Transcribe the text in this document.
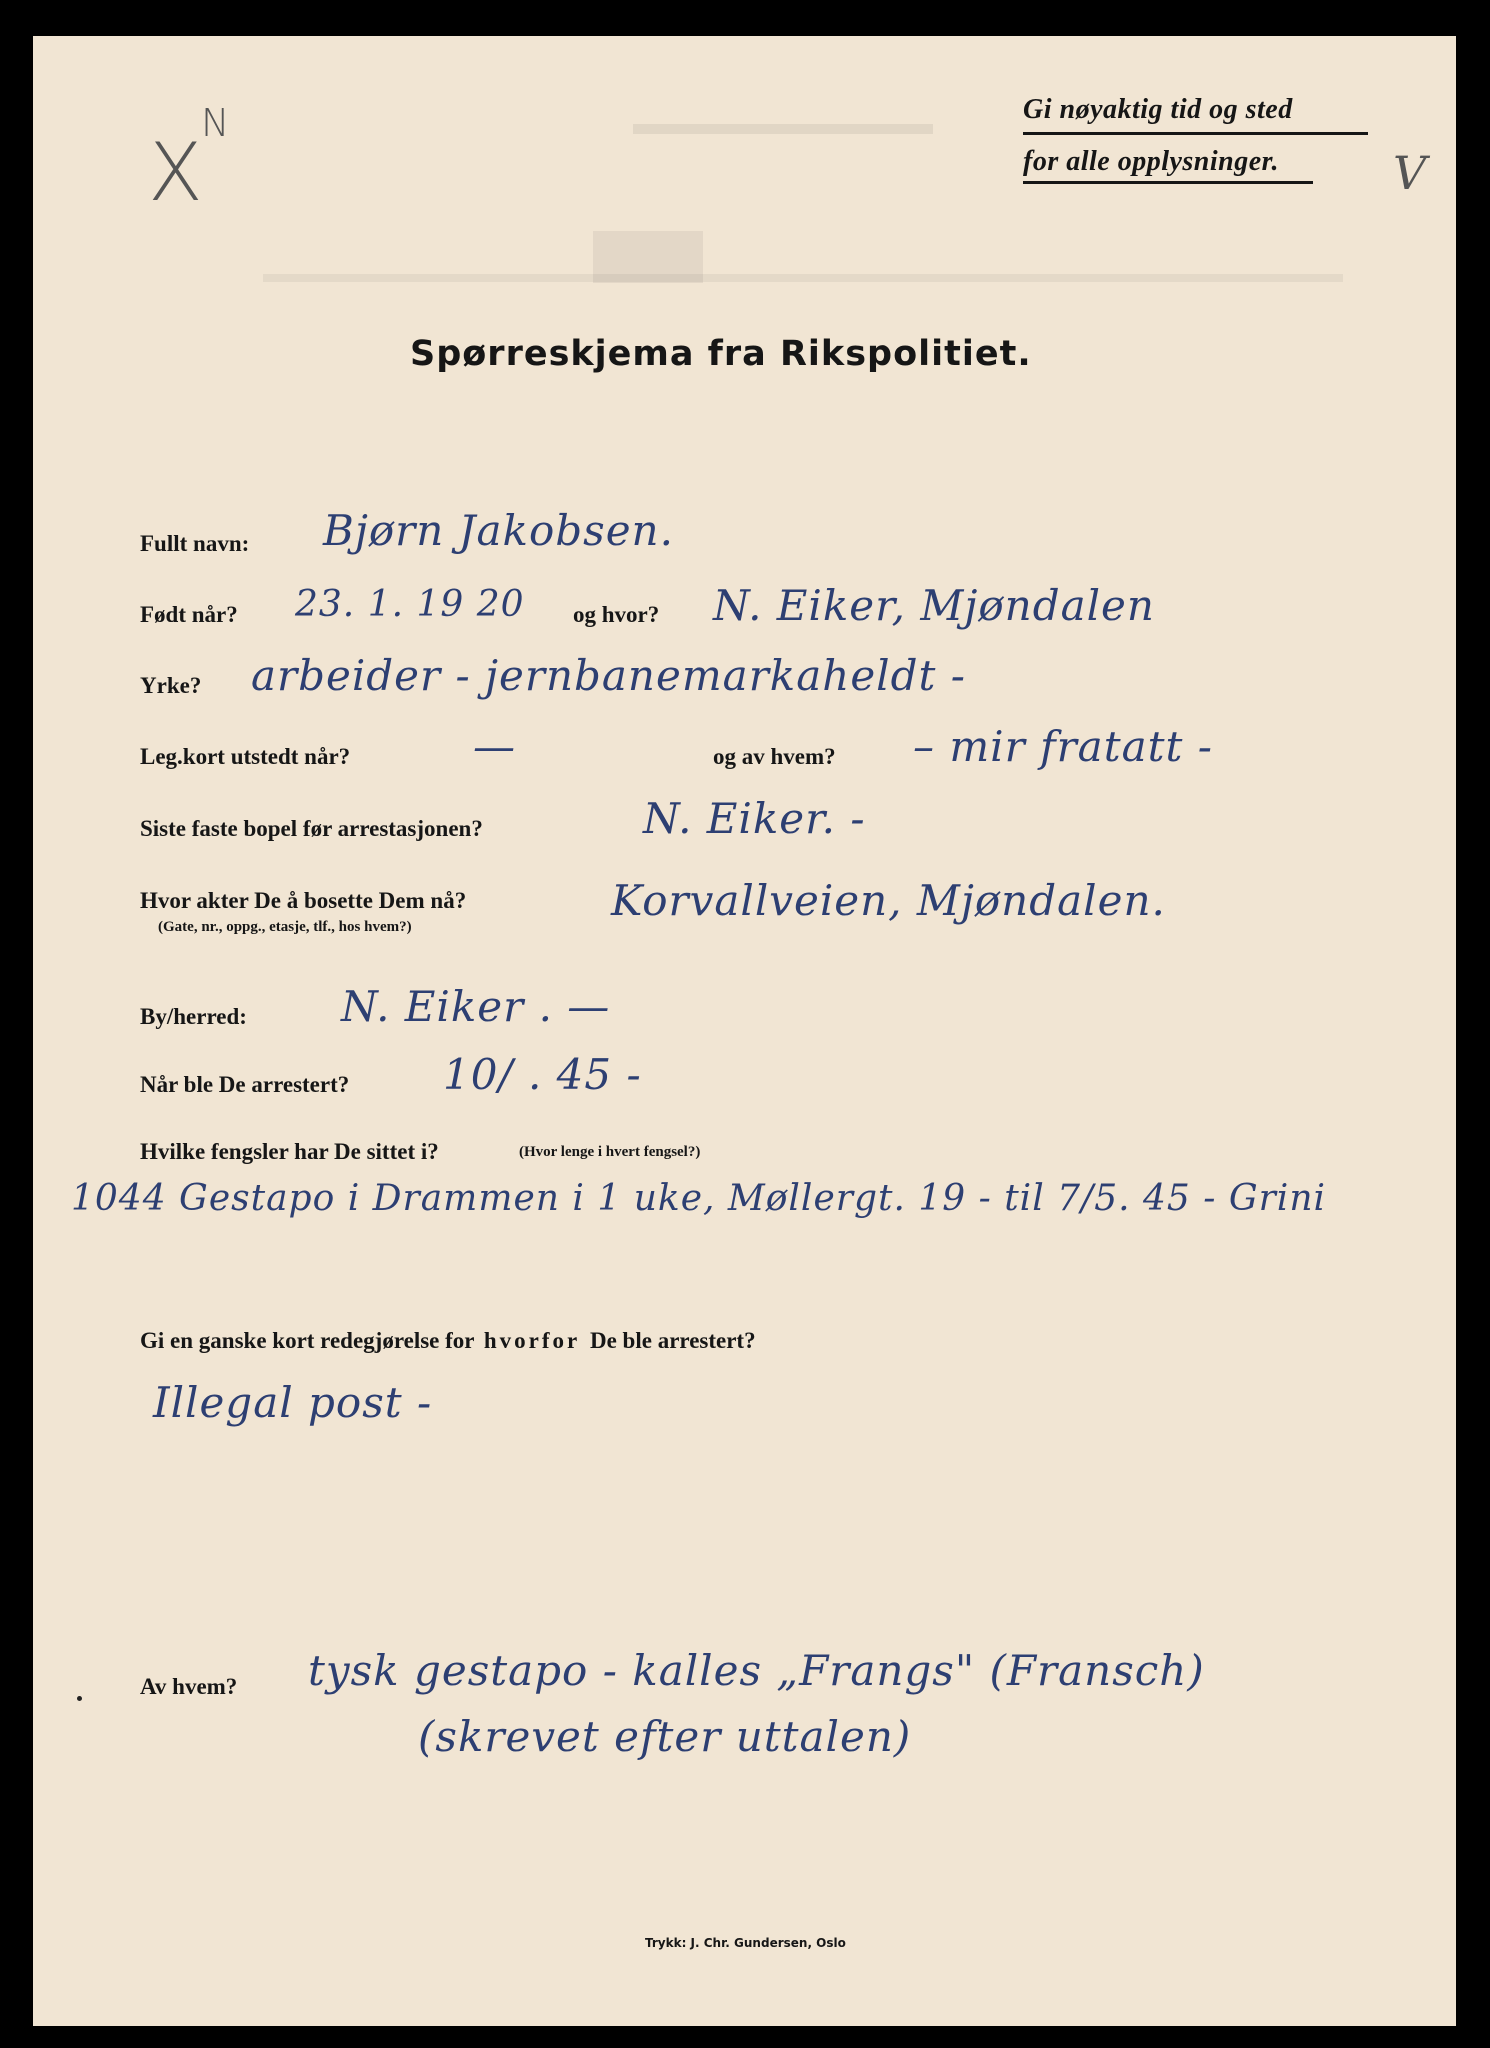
X
N
V
Gi nøyaktig tid og sted
for alle opplysninger.
Spørreskjema fra Rikspolitiet.
Fullt navn: Bjørn Jakobsen.
Født når? 23. 1. 19 20 og hvor? N. Eiker, Mjøndalen
Yrke? arbeider - jernbanemarkaheldt -
Leg.kort utstedt når?	—	og av hvem? – mir fratatt -
Siste faste bopel før arrestasjonen?	N. Eiker. -
Hvor akter De å bosette Dem nå?
(Gate, nr., oppg., etasje, tlf., hos hvem?)
Korvallveien, Mjøndalen.
By/herred: N. Eiker . —
Når ble De arrestert? 10/ . 45 -
Hvilke fengsler har De sittet i?	(Hvor lenge i hvert fengsel?)
1044 Gestapo i Drammen i 1 uke, Møllergt. 19 - til 7/5. 45 - Grini
Gi en ganske kort redegjørelse for hvorfor De ble arrestert?
Illegal post -
Av hvem? tysk gestapo - kalles „Frangs" (Fransch)
(skrevet efter uttalen)
Trykk: J. Chr. Gundersen, Oslo
